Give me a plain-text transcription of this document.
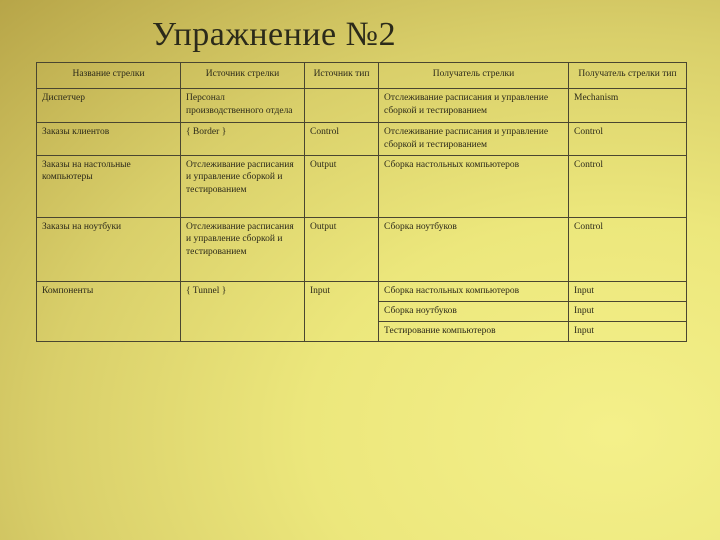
Упражнение №2
Название стрелки	Источник стрелки	Источник тип	Получатель стрелки	Получатель стрелки тип
Диспетчер	Персонал производственного отдела		Отслеживание расписания и управление сборкой и тестированием	Mechanism
Заказы клиентов	{ Border }	Control	Отслеживание расписания и управление сборкой и тестированием	Control
Заказы на настольные компьютеры	Отслеживание расписания и управление сборкой и тестированием	Output	Сборка настольных компьютеров	Control
Заказы на ноутбуки	Отслеживание расписания и управление сборкой и тестированием	Output	Сборка ноутбуков	Control
Компоненты	{ Tunnel }	Input	Сборка настольных компьютеров	Input
			Сборка ноутбуков	Input
			Тестирование компьютеров	Input
